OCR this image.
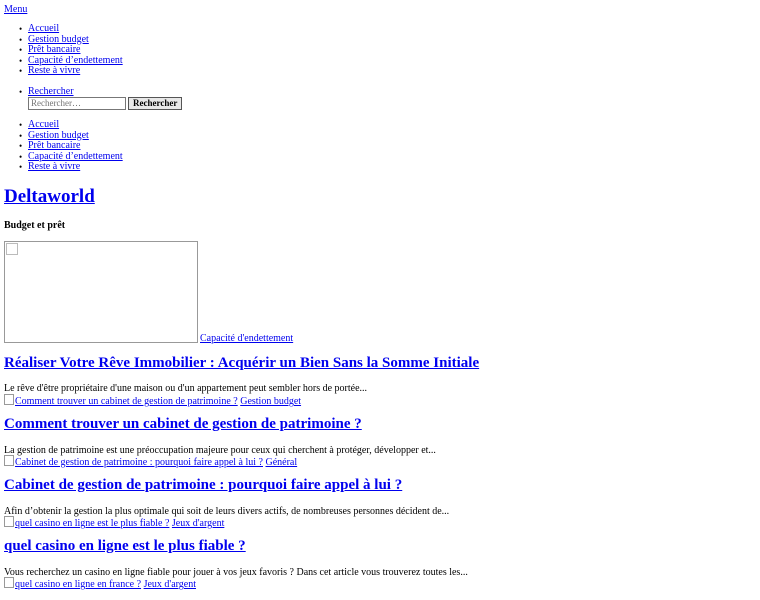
Menu
• Accueil
• Gestion budget
• Prêt bancaire
• Capacité d’endettement
• Reste à vivre
• Rechercher
Rechercher…
Rechercher
• Accueil
• Gestion budget
• Prêt bancaire
• Capacité d’endettement
• Reste à vivre
Deltaworld

Budget et prêt

Capacité d'endettement
Réaliser Votre Rêve Immobilier : Acquérir un Bien Sans la Somme Initiale

Le rêve d'être propriétaire d'une maison ou d'un appartement peut sembler hors de portée...

Comment trouver un cabinet de gestion de patrimoine ? Gestion budget
Comment trouver un cabinet de gestion de patrimoine ?

La gestion de patrimoine est une préoccupation majeure pour ceux qui cherchent à protéger, développer et...

Cabinet de gestion de patrimoine : pourquoi faire appel à lui ? Général
Cabinet de gestion de patrimoine : pourquoi faire appel à lui ?

Afin d’obtenir la gestion la plus optimale qui soit de leurs divers actifs, de nombreuses personnes décident de...

quel casino en ligne est le plus fiable ? Jeux d'argent
quel casino en ligne est le plus fiable ?

Vous recherchez un casino en ligne fiable pour jouer à vos jeux favoris ? Dans cet article vous trouverez toutes les...

quel casino en ligne en france ? Jeux d'argent
